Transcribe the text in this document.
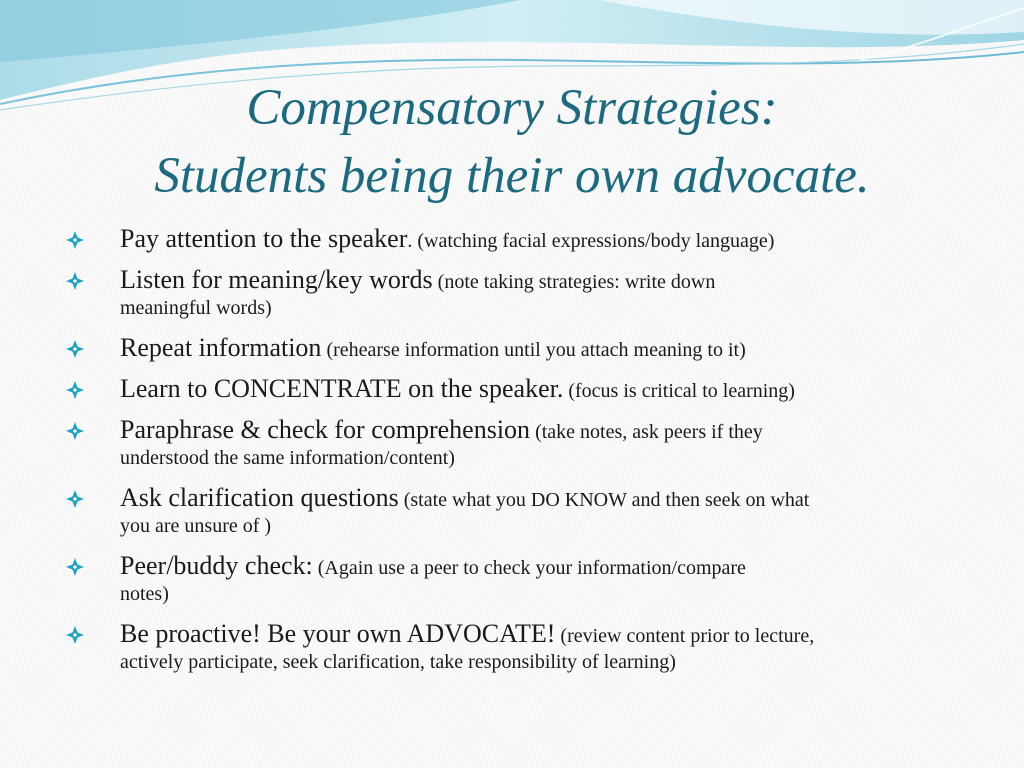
Compensatory Strategies:
Students being their own advocate.
Pay attention to the speaker. (watching facial expressions/body language)
Listen for meaning/key words (note taking strategies: write down
meaningful words)
Repeat information (rehearse information until you attach meaning to it)
Learn to CONCENTRATE on the speaker. (focus is critical to learning)
Paraphrase & check for comprehension (take notes, ask peers if they
understood the same information/content)
Ask clarification questions (state what you DO KNOW and then seek on what
you are unsure of )
Peer/buddy check: (Again use a peer to check your information/compare
notes)
Be proactive! Be your own ADVOCATE! (review content prior to lecture,
actively participate, seek clarification, take responsibility of learning)
